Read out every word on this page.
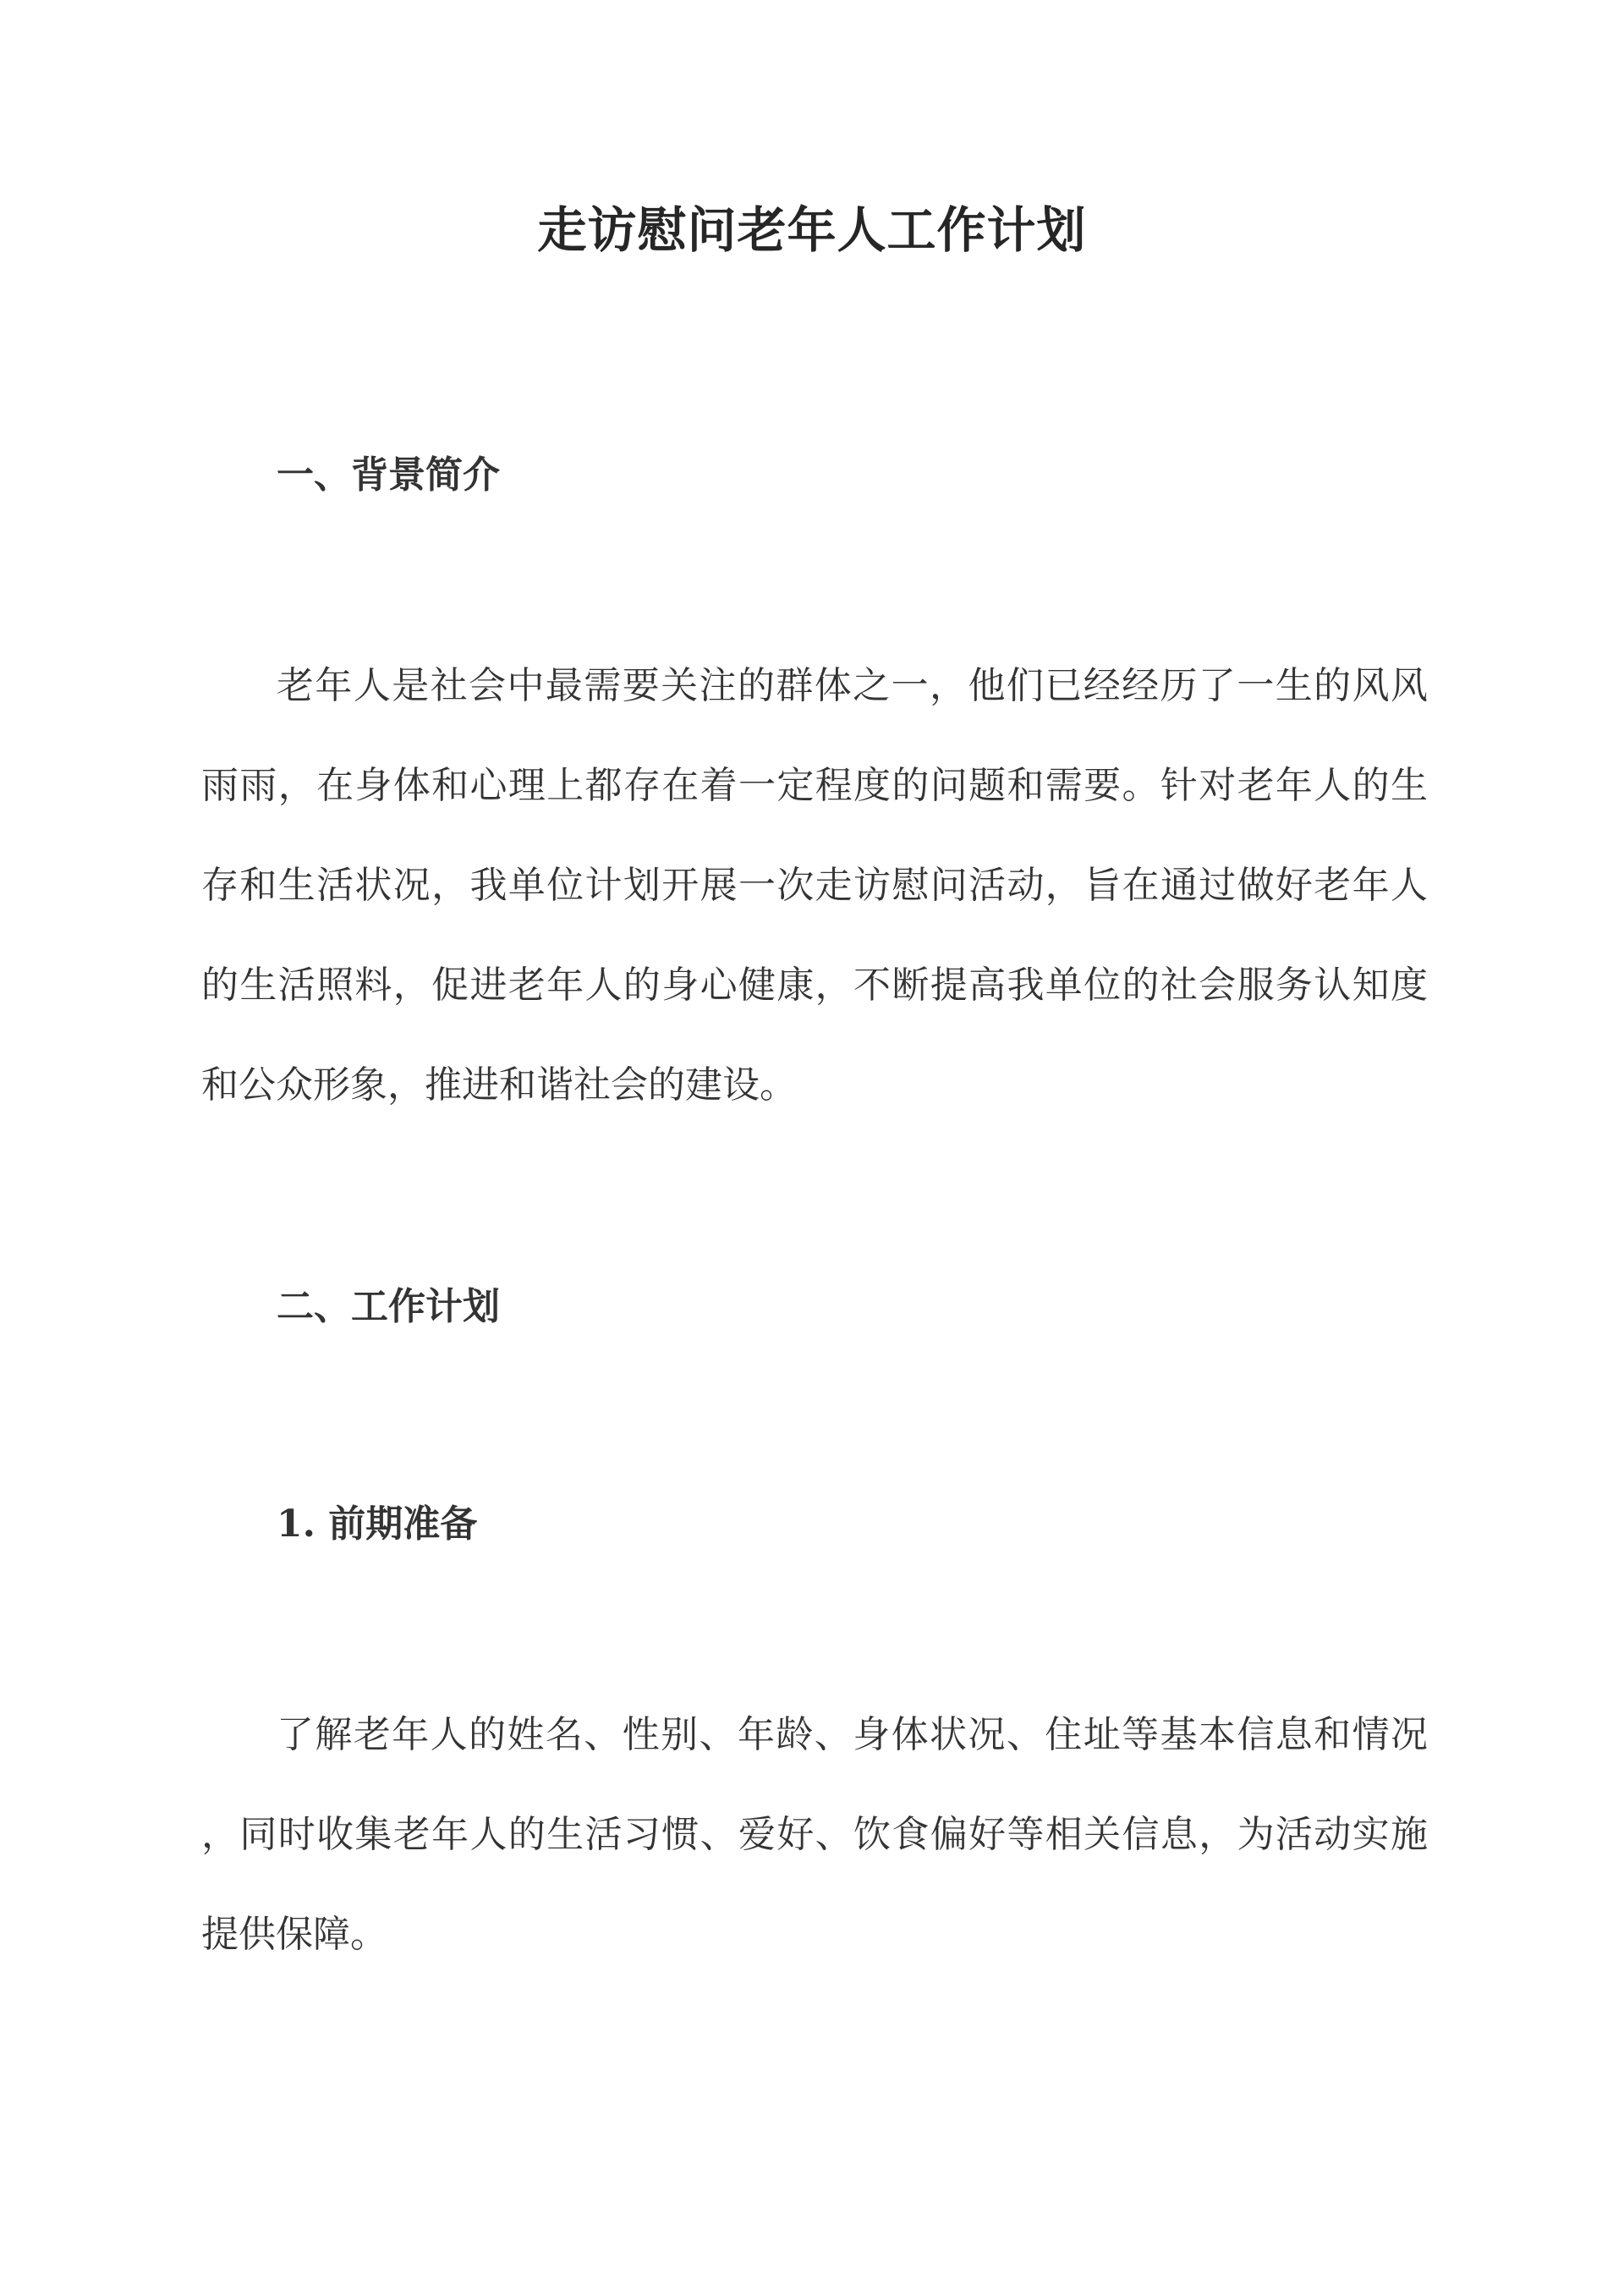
走访慰问老年人工作计划
一、背景简介
老年人是社会中最需要关注的群体之一，他们已经经历了一生的风风
雨雨，在身体和心理上都存在着一定程度的问题和需要。针对老年人的生
存和生活状况，我单位计划开展一次走访慰问活动，旨在通过做好老年人
的生活照料，促进老年人的身心健康，不断提高我单位的社会服务认知度
和公众形象，推进和谐社会的建设。
二、工作计划
1. 前期准备
了解老年人的姓名、性别、年龄、身体状况、住址等基本信息和情况
，同时收集老年人的生活习惯、爱好、饮食偏好等相关信息，为活动实施
提供保障。
